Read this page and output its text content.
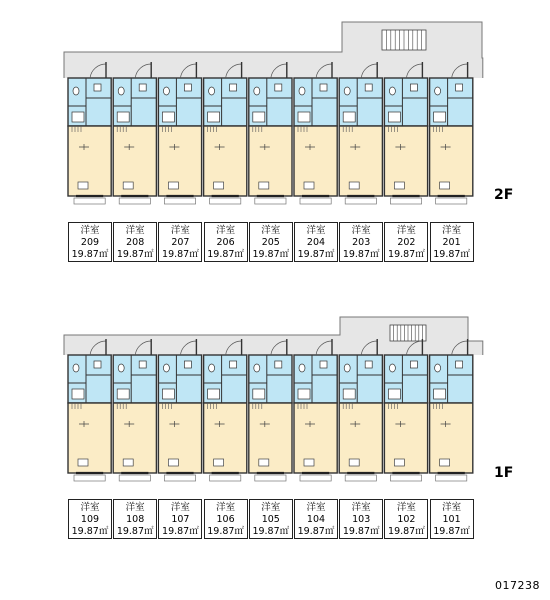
洋室
209
19.87㎡
洋室
208
19.87㎡
洋室
207
19.87㎡
洋室
206
19.87㎡
洋室
205
19.87㎡
洋室
204
19.87㎡
洋室
203
19.87㎡
洋室
202
19.87㎡
洋室
201
19.87㎡
洋室
109
19.87㎡
洋室
108
19.87㎡
洋室
107
19.87㎡
洋室
106
19.87㎡
洋室
105
19.87㎡
洋室
104
19.87㎡
洋室
103
19.87㎡
洋室
102
19.87㎡
洋室
101
19.87㎡
2F
1F
017238
